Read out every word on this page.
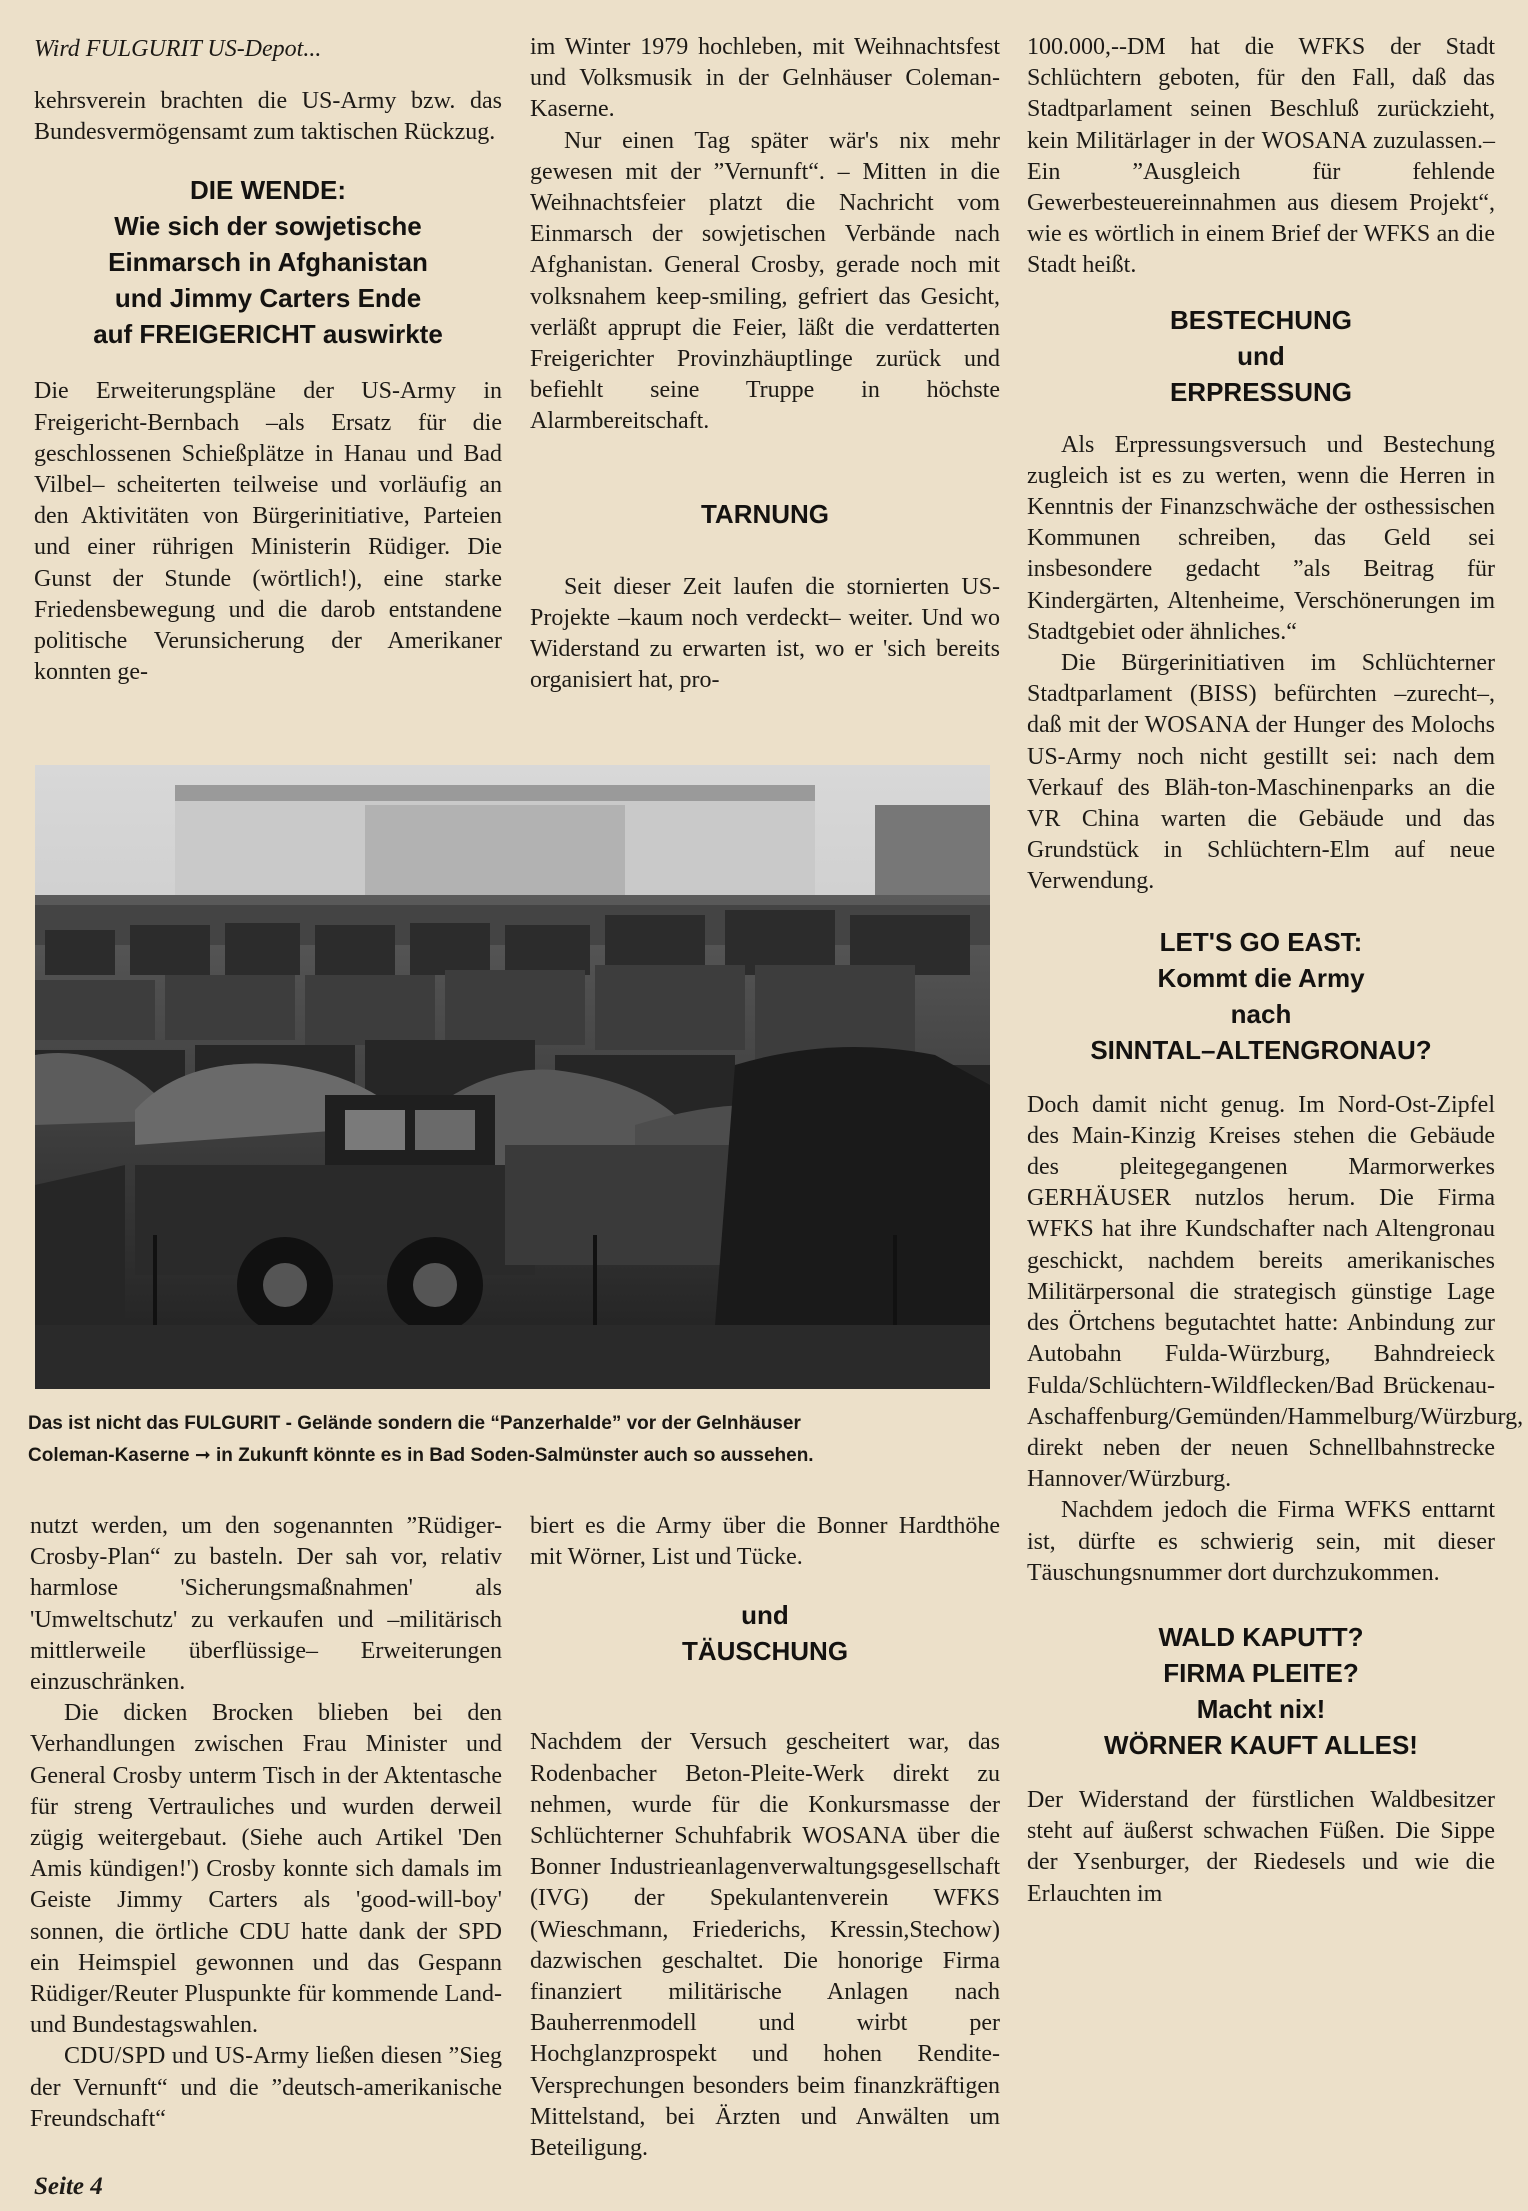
Wird FULGURIT US-Depot...

kehrsverein brachten die US-Army bzw. das Bundesvermögensamt zum taktischen Rückzug.

DIE WENDE:

Wie sich der sowjetische

Einmarsch in Afghanistan

und Jimmy Carters Ende

auf FREIGERICHT auswirkte

Die Erweiterungspläne der US-Army in Freigericht-Bernbach –als Ersatz für die geschlossenen Schießplätze in Hanau und Bad Vilbel– scheiterten teilweise und vorläufig an den Aktivitäten von Bürgerinitiative, Parteien und einer rührigen Ministerin Rüdiger. Die Gunst der Stunde (wörtlich!), eine starke Friedensbewegung und die darob entstandene politische Verunsicherung der Amerikaner konnten ge-

im Winter 1979 hochleben, mit Weihnachtsfest und Volksmusik in der Gelnhäuser Coleman-Kaserne.

Nur einen Tag später wär's nix mehr gewesen mit der ”Vernunft“. – Mitten in die Weihnachtsfeier platzt die Nachricht vom Einmarsch der sowjetischen Verbände nach Afghanistan. General Crosby, gerade noch mit volksnahem keep-smiling, gefriert das Gesicht, verläßt apprupt die Feier, läßt die verdatterten Freigerichter Provinzhäuptlinge zurück und befiehlt seine Truppe in höchste Alarmbereitschaft.

TARNUNG

Seit dieser Zeit laufen die stornierten US-Projekte –kaum noch verdeckt– weiter. Und wo Widerstand zu erwarten ist, wo er 'sich bereits organisiert hat, pro-

100.000,--DM hat die WFKS der Stadt Schlüchtern geboten, für den Fall, daß das Stadtparlament seinen Beschluß zurückzieht, kein Militärlager in der WOSANA zuzulassen.– Ein ”Ausgleich für fehlende Gewerbesteuereinnahmen aus diesem Projekt“, wie es wörtlich in einem Brief der WFKS an die Stadt heißt.

BESTECHUNG

und

ERPRESSUNG

Als Erpressungsversuch und Bestechung zugleich ist es zu werten, wenn die Herren in Kenntnis der Finanzschwäche der osthessischen Kommunen schreiben, das Geld sei insbesondere gedacht ”als Beitrag für Kindergärten, Altenheime, Verschönerungen im Stadtgebiet oder ähnliches.“

Die Bürgerinitiativen im Schlüchterner Stadtparlament (BISS) befürchten –zurecht–, daß mit der WOSANA der Hunger des Molochs US-Army noch nicht gestillt sei: nach dem Verkauf des Bläh-ton-Maschinenparks an die VR China warten die Gebäude und das Grundstück in Schlüchtern-Elm auf neue Verwendung.

LET'S GO EAST:

Kommt die Army

nach

SINNTAL–ALTENGRONAU?

Doch damit nicht genug. Im Nord-Ost-Zipfel des Main-Kinzig Kreises stehen die Gebäude des pleitegegangenen Marmorwerkes GERHÄUSER nutzlos herum. Die Firma WFKS hat ihre Kundschafter nach Altengronau geschickt, nachdem bereits amerikanisches Militärpersonal die strategisch günstige Lage des Örtchens begutachtet hatte: Anbindung zur Autobahn Fulda-Würzburg, Bahndreieck Fulda/Schlüchtern-Wildflecken/Bad Brückenau-Aschaffenburg/Gemünden/Hammelburg/Würzburg, direkt neben der neuen Schnellbahnstrecke Hannover/Würzburg.

Nachdem jedoch die Firma WFKS enttarnt ist, dürfte es schwierig sein, mit dieser Täuschungsnummer dort durchzukommen.

WALD KAPUTT?

FIRMA PLEITE?

Macht nix!

WÖRNER KAUFT ALLES!

Der Widerstand der fürstlichen Waldbesitzer steht auf äußerst schwachen Füßen. Die Sippe der Ysenburger, der Riedesels und wie die Erlauchten im

Das ist nicht das FULGURIT - Gelände sondern die “Panzerhalde” vor der Gelnhäuser
Coleman-Kaserne ➞ in Zukunft könnte es in Bad Soden-Salmünster auch so aussehen.

nutzt werden, um den sogenannten ”Rüdiger-Crosby-Plan“ zu basteln. Der sah vor, relativ harmlose 'Sicherungsmaßnahmen' als 'Umweltschutz' zu verkaufen und –militärisch mittlerweile überflüssige– Erweiterungen einzuschränken.

Die dicken Brocken blieben bei den Verhandlungen zwischen Frau Minister und General Crosby unterm Tisch in der Aktentasche für streng Vertrauliches und wurden derweil zügig weitergebaut. (Siehe auch Artikel 'Den Amis kündigen!') Crosby konnte sich damals im Geiste Jimmy Carters als 'good-will-boy' sonnen, die örtliche CDU hatte dank der SPD ein Heimspiel gewonnen und das Gespann Rüdiger/Reuter Pluspunkte für kommende Land- und Bundestagswahlen.

CDU/SPD und US-Army ließen diesen ”Sieg der Vernunft“ und die ”deutsch-amerikanische Freundschaft“

biert es die Army über die Bonner Hardthöhe mit Wörner, List und Tücke.

und

TÄUSCHUNG

Nachdem der Versuch gescheitert war, das Rodenbacher Beton-Pleite-Werk direkt zu nehmen, wurde für die Konkursmasse der Schlüchterner Schuhfabrik WOSANA über die Bonner Industrieanlagenverwaltungsgesellschaft (IVG) der Spekulantenverein WFKS (Wieschmann, Friederichs, Kressin,Stechow) dazwischen geschaltet. Die honorige Firma finanziert militärische Anlagen nach Bauherrenmodell und wirbt per Hochglanzprospekt und hohen Rendite-Versprechungen besonders beim finanzkräftigen Mittelstand, bei Ärzten und Anwälten um Beteiligung.

Seite 4
